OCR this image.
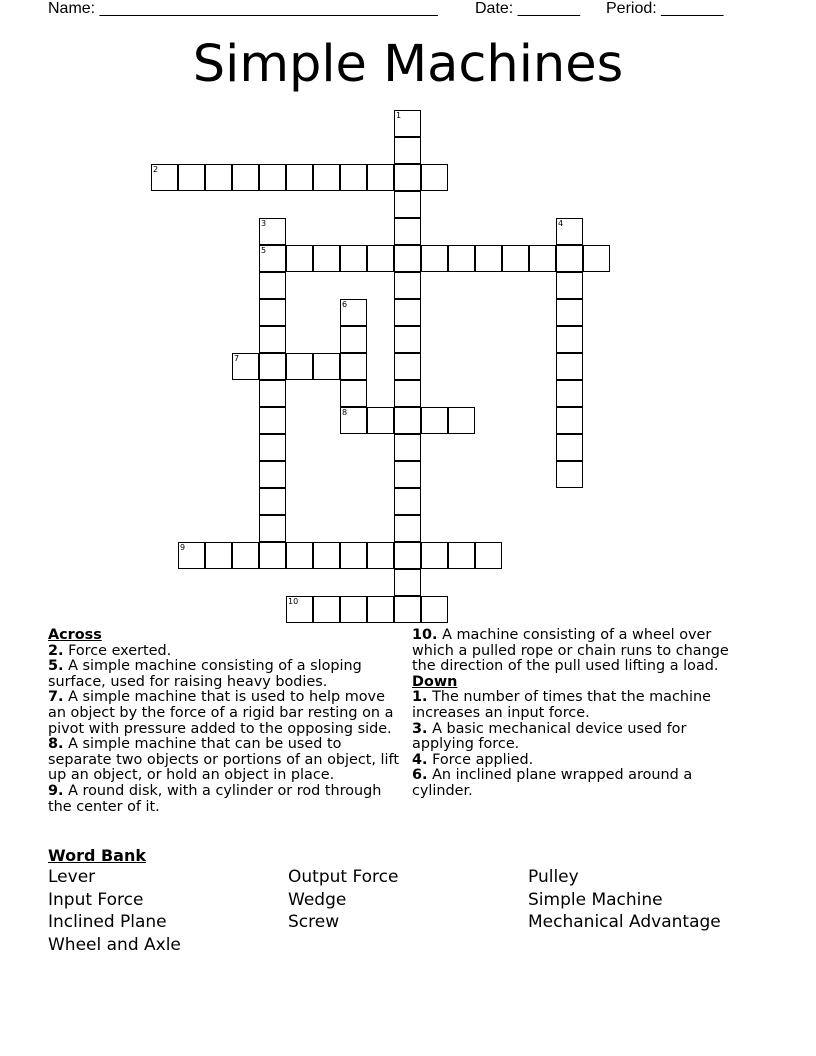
Name: ______________________________________ Date: _______ Period: _______
Simple Machines
1
2
3	4
5
6
7
8
9
10
Across
2. Force exerted.
5. A simple machine consisting of a sloping surface, used for raising heavy bodies.
7. A simple machine that is used to help move an object by the force of a rigid bar resting on a pivot with pressure added to the opposing side.
8. A simple machine that can be used to separate two objects or portions of an object, lift up an object, or hold an object in place.
9. A round disk, with a cylinder or rod through the center of it.
10. A machine consisting of a wheel over which a pulled rope or chain runs to change the direction of the pull used lifting a load.
Down
1. The number of times that the machine increases an input force.
3. A basic mechanical device used for applying force.
4. Force applied.
6. An inclined plane wrapped around a cylinder.
Word Bank
Lever
Input Force
Inclined Plane
Wheel and Axle
Output Force
Wedge
Screw
Pulley
Simple Machine
Mechanical Advantage
